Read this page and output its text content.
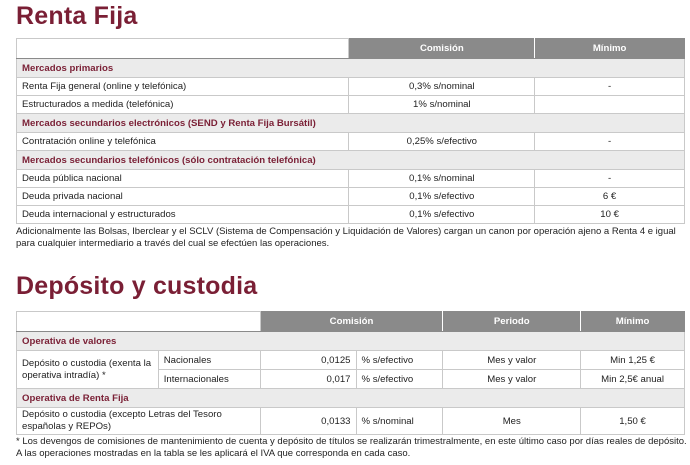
Renta Fija
	Comisión	Mínimo
Mercados primarios		
Renta Fija general (online y telefónica)	0,3% s/nominal	-
Estructurados a medida (telefónica)	1% s/nominal	
Mercados secundarios electrónicos (SEND y Renta Fija Bursátil)		
Contratación online y telefónica	0,25% s/efectivo	-
Mercados secundarios telefónicos (sólo contratación telefónica)		
Deuda pública nacional	0,1% s/nominal	-
Deuda privada nacional	0,1% s/efectivo	6 €
Deuda internacional y estructurados	0,1% s/efectivo	10 €
Adicionalmente las Bolsas, Iberclear y el SCLV (Sistema de Compensación y Liquidación de Valores) cargan un canon por operación ajeno a Renta 4 e igual para cualquier intermediario a través del cual se efectúen las operaciones.
Depósito y custodia
		Comisión		Periodo	Mínimo
Operativa de valores					
Depósito o custodia (exenta la operativa intradía) *	Nacionales	0,0125	% s/efectivo	Mes y valor	Min 1,25 €
	Internacionales	0,017	% s/efectivo	Mes y valor	Min 2,5€ anual
Operativa de Renta Fija					
Depósito o custodia (excepto Letras del Tesoro españolas y REPOs)		0,0133	% s/nominal	Mes	1,50 €
* Los devengos de comisiones de mantenimiento de cuenta y depósito de títulos se realizarán trimestralmente, en este último caso por días reales de depósito. A las operaciones mostradas en la tabla se les aplicará el IVA que corresponda en cada caso.
